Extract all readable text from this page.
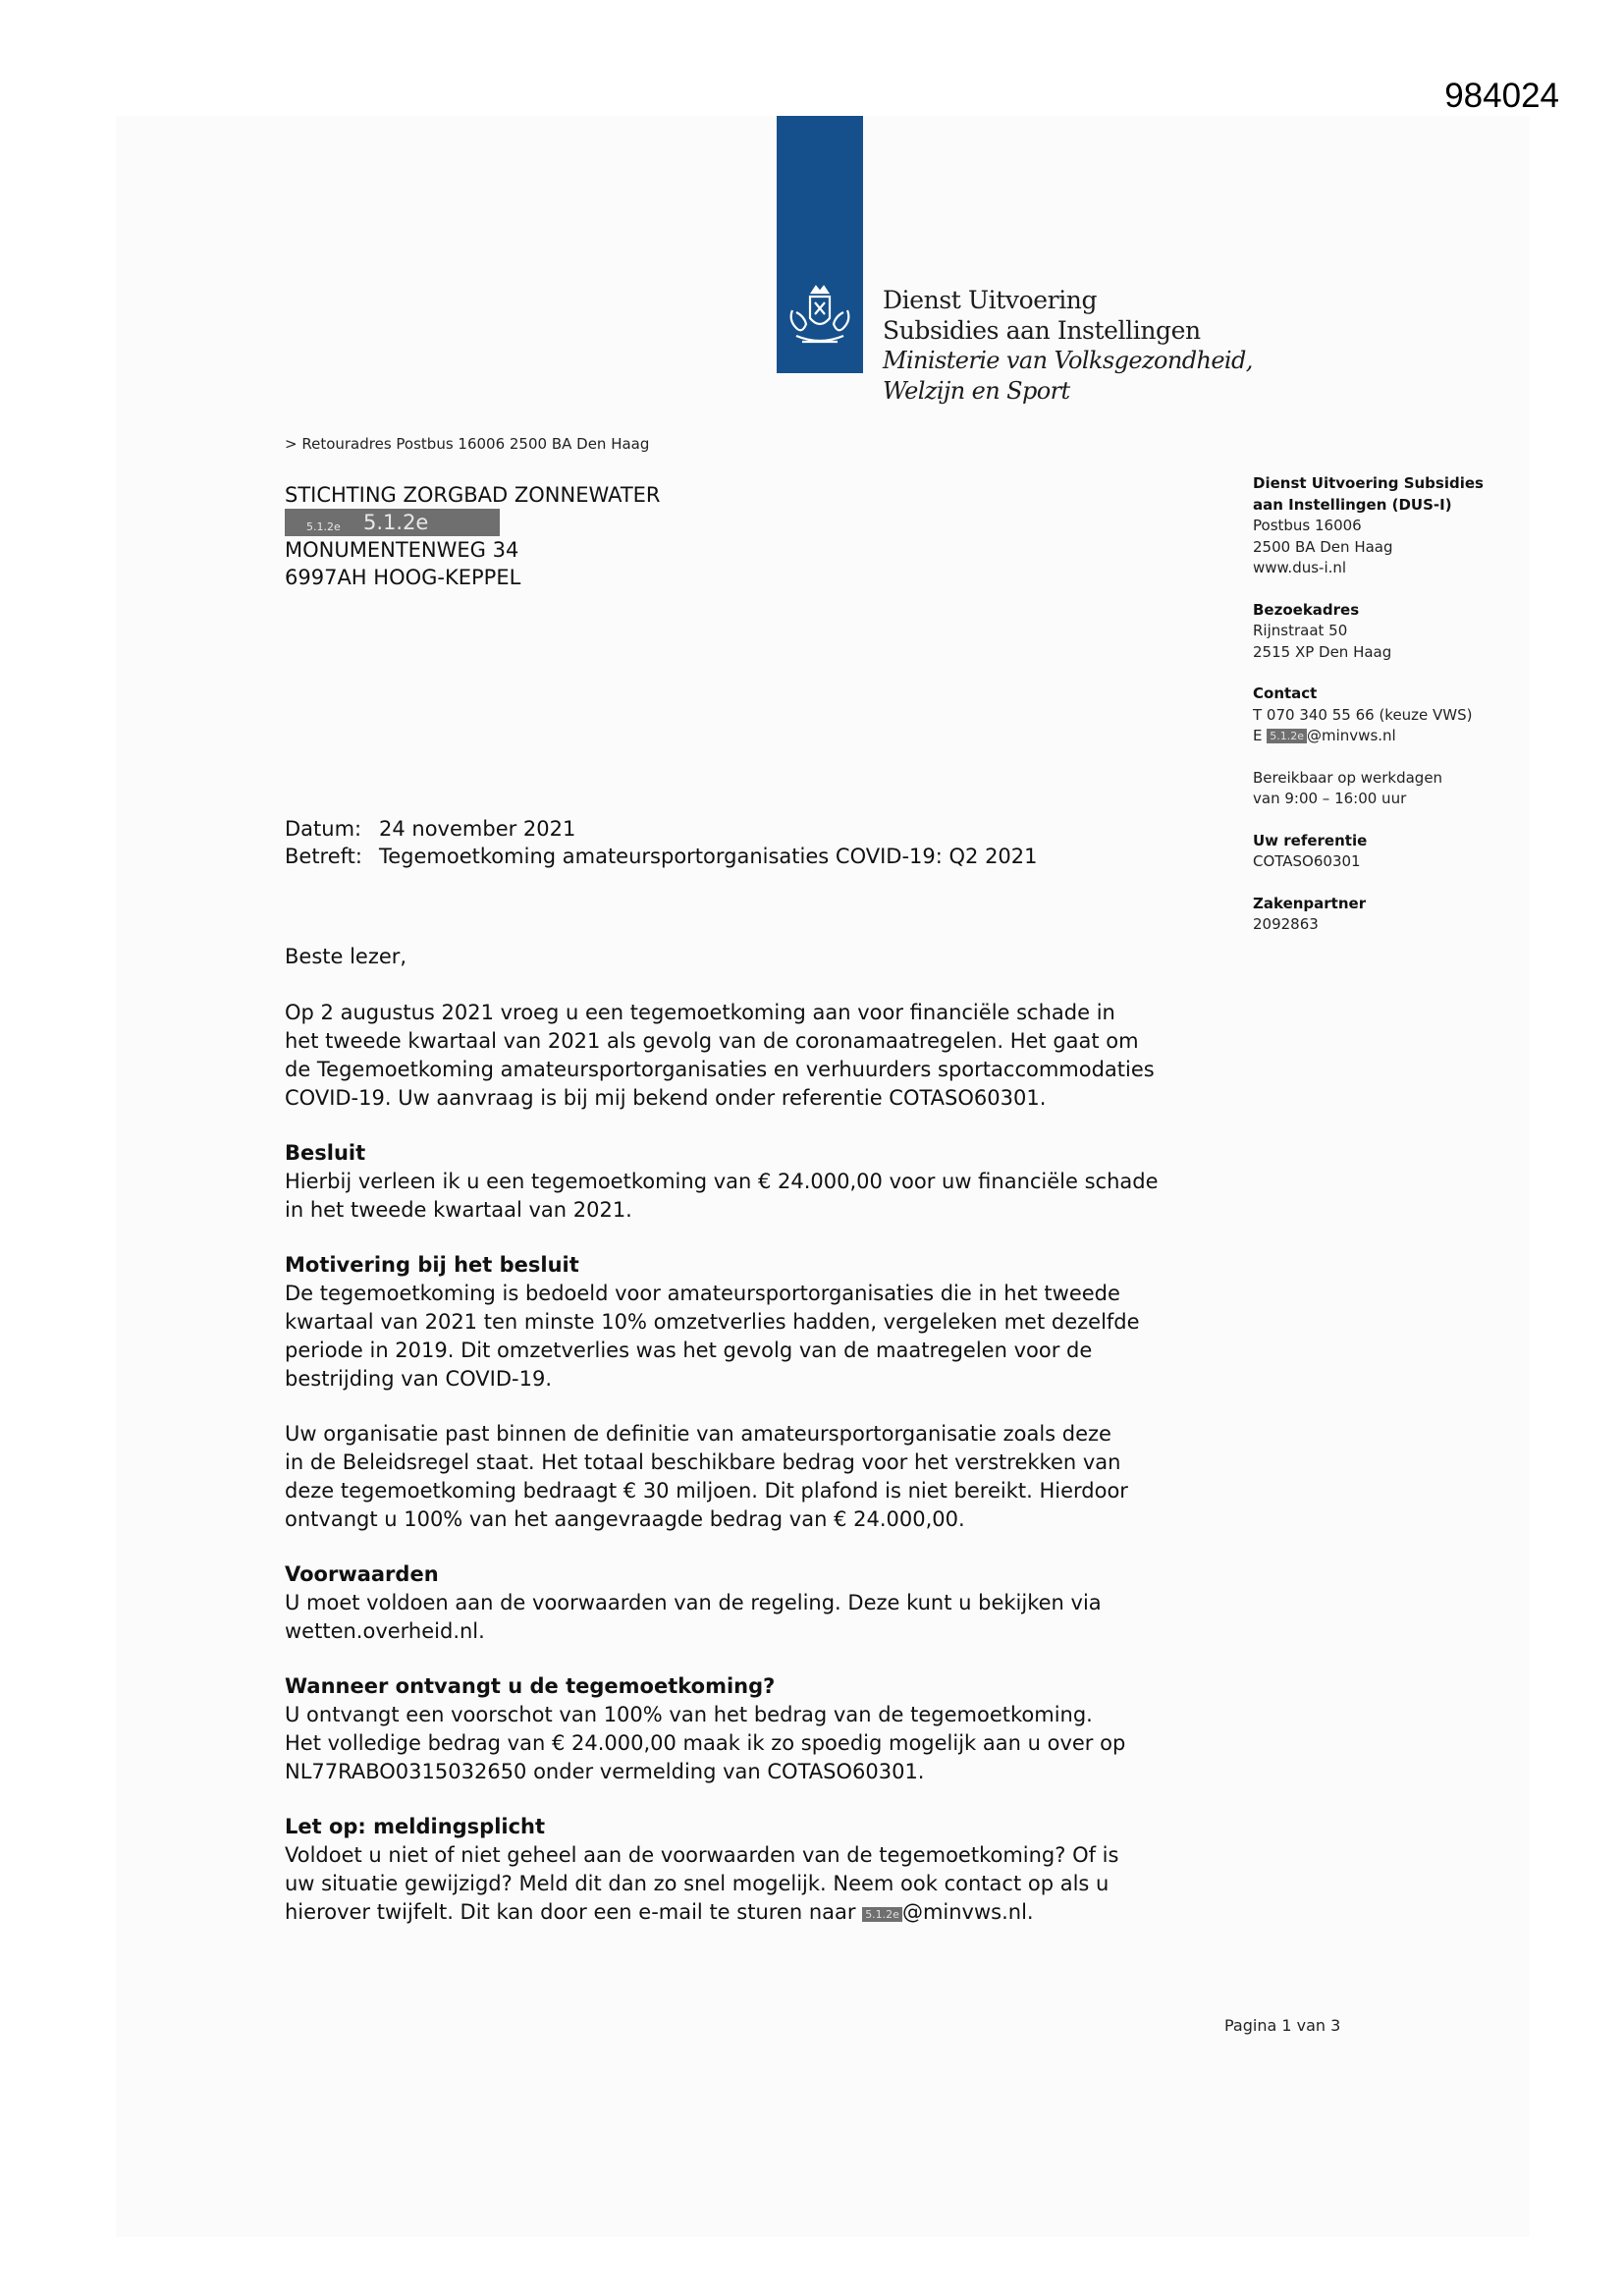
984024
Dienst Uitvoering
Subsidies aan Instellingen
Ministerie van Volksgezondheid,
Welzijn en Sport
> Retouradres Postbus 16006 2500 BA Den Haag
STICHTING ZORGBAD ZONNEWATER
5.1.2e 5.1.2e
MONUMENTENWEG 34
6997AH HOOG-KEPPEL
Dienst Uitvoering Subsidies
aan Instellingen (DUS-I)
Postbus 16006
2500 BA Den Haag
www.dus-i.nl
Bezoekadres
Rijnstraat 50
2515 XP Den Haag
Contact
T 070 340 55 66 (keuze VWS)
E 5.1.2e @minvws.nl
Bereikbaar op werkdagen
van 9:00 – 16:00 uur
Uw referentie
COTASO60301
Zakenpartner
2092863
Datum: 24 november 2021
Betreft: Tegemoetkoming amateursportorganisaties COVID-19: Q2 2021

Beste lezer,

Op 2 augustus 2021 vroeg u een tegemoetkoming aan voor financiële schade in
het tweede kwartaal van 2021 als gevolg van de coronamaatregelen. Het gaat om
de Tegemoetkoming amateursportorganisaties en verhuurders sportaccommodaties
COVID-19. Uw aanvraag is bij mij bekend onder referentie COTASO60301.
Besluit
Hierbij verleen ik u een tegemoetkoming van € 24.000,00 voor uw financiële schade
in het tweede kwartaal van 2021.
Motivering bij het besluit
De tegemoetkoming is bedoeld voor amateursportorganisaties die in het tweede
kwartaal van 2021 ten minste 10% omzetverlies hadden, vergeleken met dezelfde
periode in 2019. Dit omzetverlies was het gevolg van de maatregelen voor de
bestrijding van COVID-19.
Uw organisatie past binnen de definitie van amateursportorganisatie zoals deze
in de Beleidsregel staat. Het totaal beschikbare bedrag voor het verstrekken van
deze tegemoetkoming bedraagt € 30 miljoen. Dit plafond is niet bereikt. Hierdoor
ontvangt u 100% van het aangevraagde bedrag van € 24.000,00.
Voorwaarden
U moet voldoen aan de voorwaarden van de regeling. Deze kunt u bekijken via
wetten.overheid.nl.
Wanneer ontvangt u de tegemoetkoming?
U ontvangt een voorschot van 100% van het bedrag van de tegemoetkoming.
Het volledige bedrag van € 24.000,00 maak ik zo spoedig mogelijk aan u over op
NL77RABO0315032650 onder vermelding van COTASO60301.
Let op: meldingsplicht
Voldoet u niet of niet geheel aan de voorwaarden van de tegemoetkoming? Of is
uw situatie gewijzigd? Meld dit dan zo snel mogelijk. Neem ook contact op als u
hierover twijfelt. Dit kan door een e-mail te sturen naar 5.1.2e @minvws.nl.
Pagina 1 van 3
